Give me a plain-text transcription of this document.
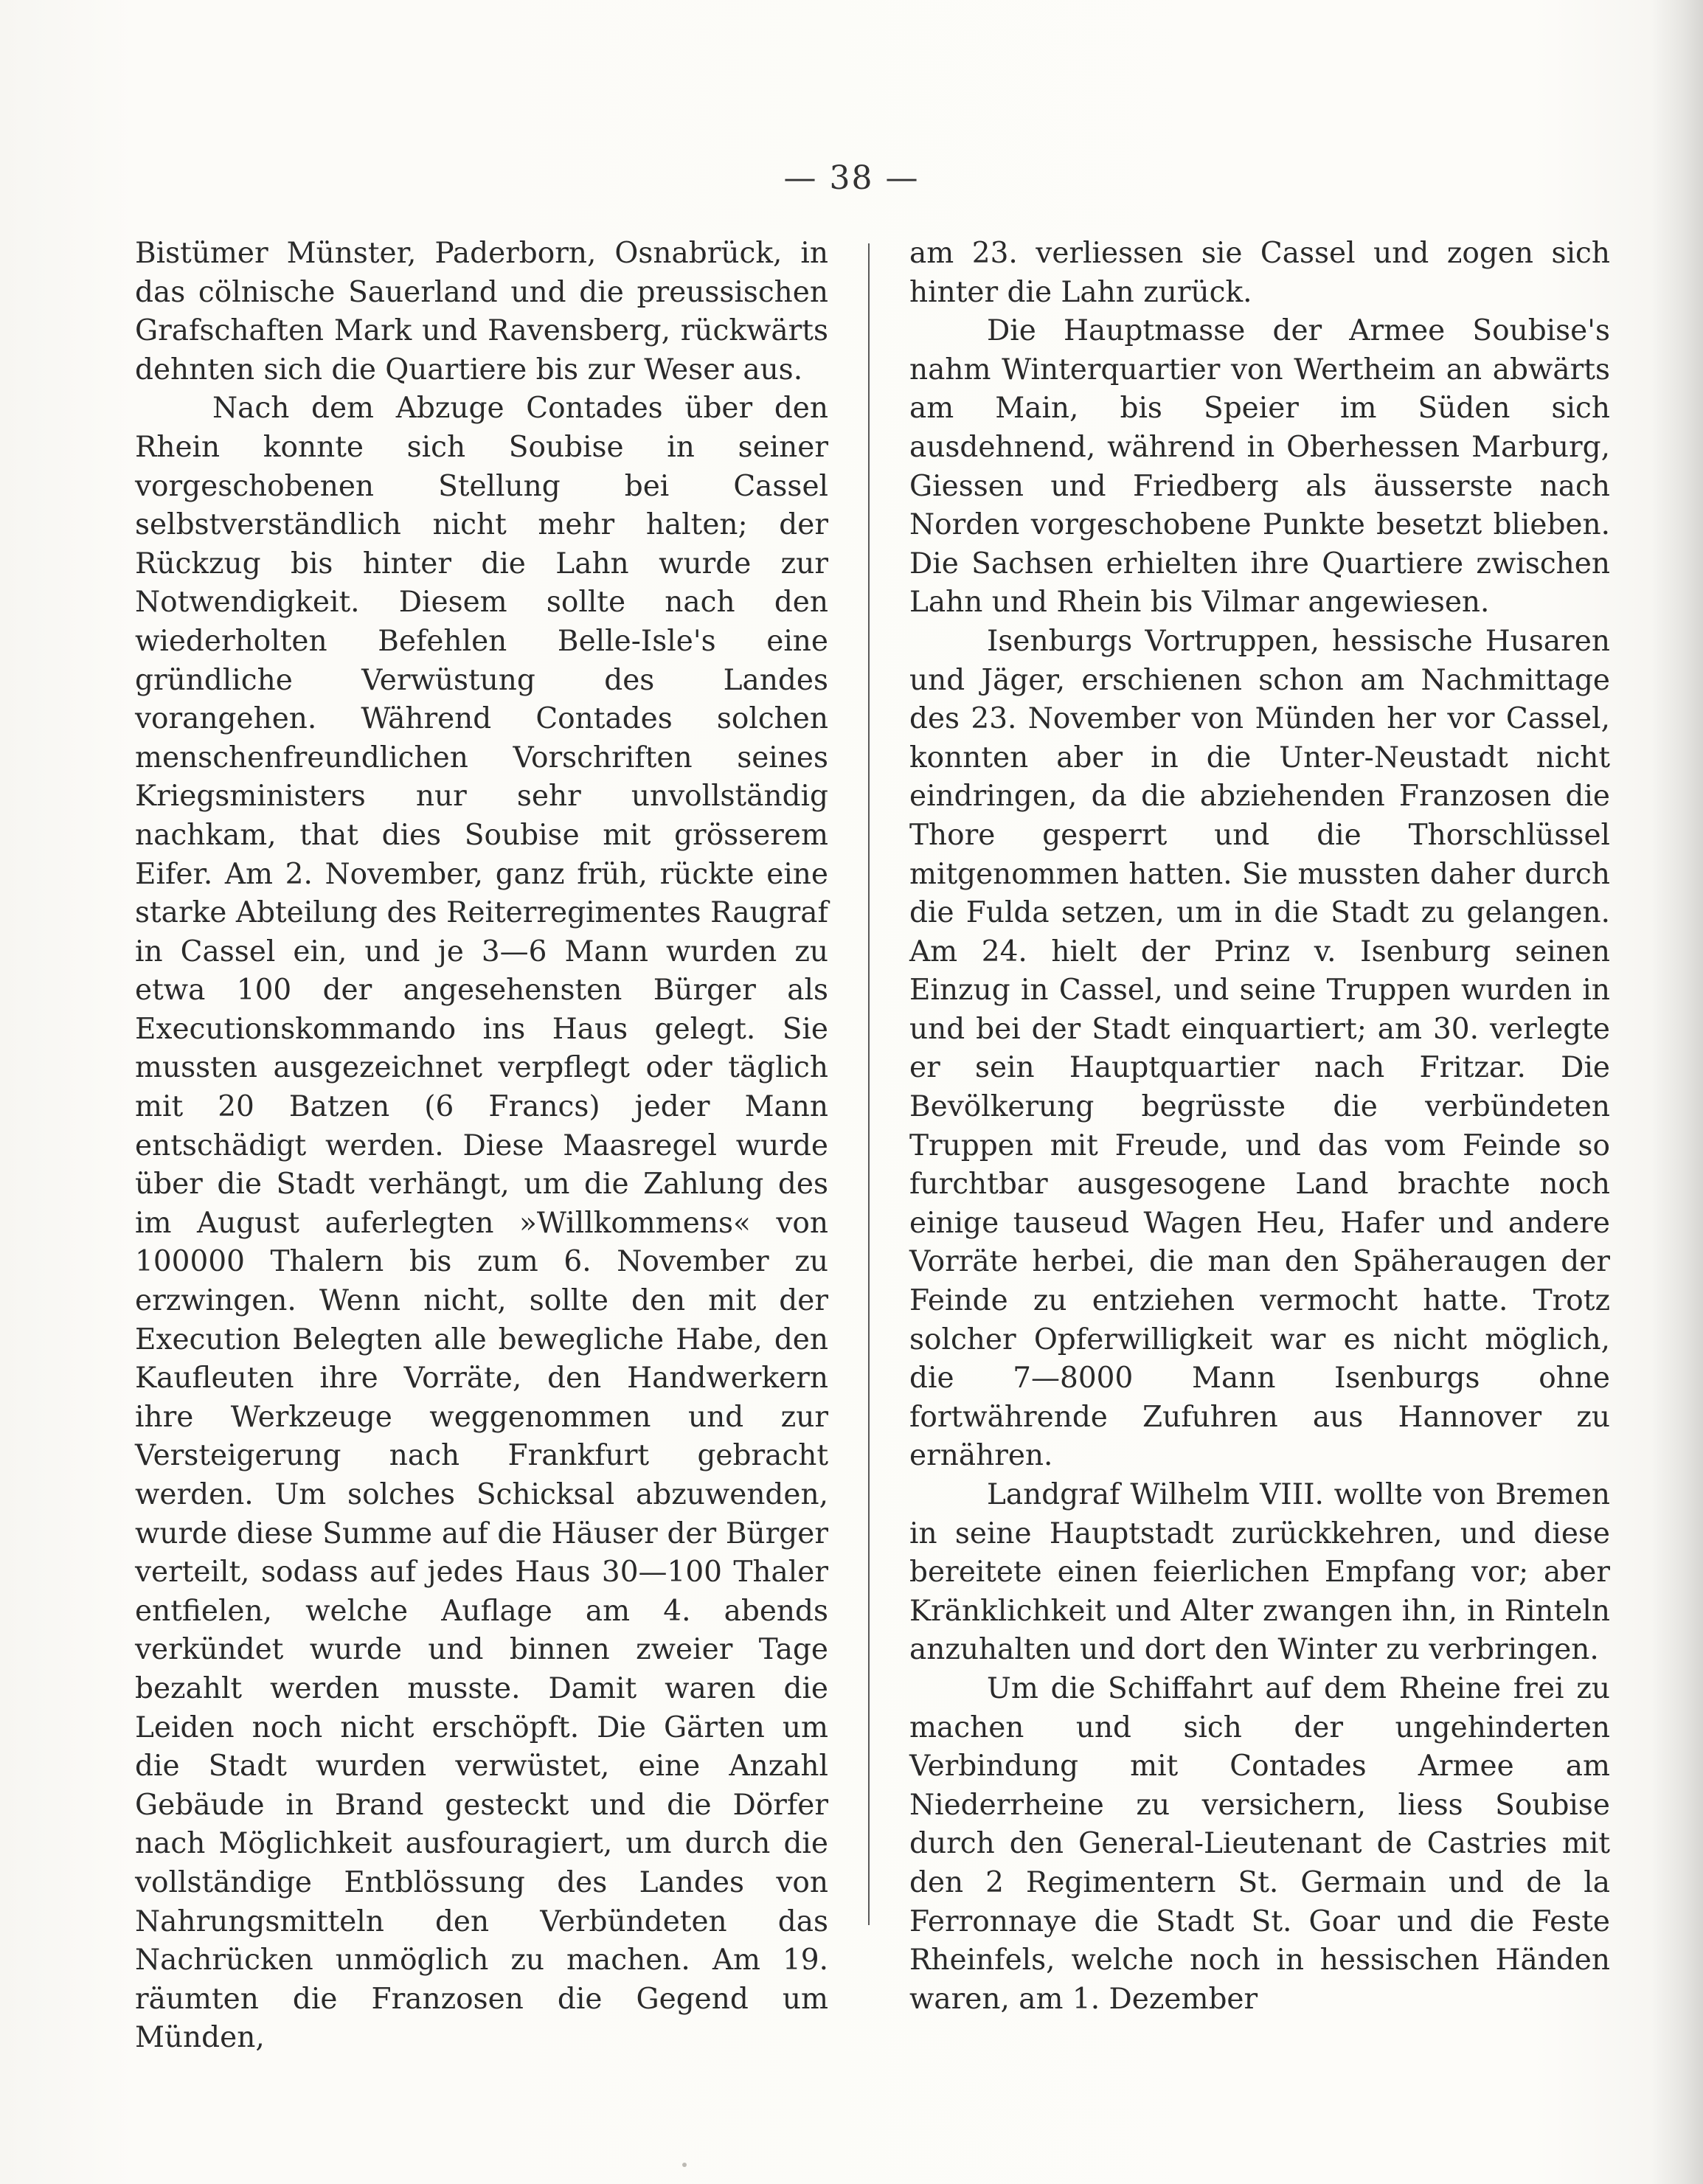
— 38 —

Bistümer Münster, Paderborn, Osnabrück, in das cölnische Sauerland und die preussischen Grafschaften Mark und Ravensberg, rückwärts dehnten sich die Quartiere bis zur Weser aus.

Nach dem Abzuge Contades über den Rhein konnte sich Soubise in seiner vorgeschobenen Stellung bei Cassel selbstverständlich nicht mehr halten; der Rückzug bis hinter die Lahn wurde zur Notwendigkeit. Diesem sollte nach den wiederholten Befehlen Belle-Isle's eine gründliche Verwüstung des Landes vorangehen. Während Contades solchen menschenfreundlichen Vorschriften seines Kriegsministers nur sehr unvollständig nachkam, that dies Soubise mit grösserem Eifer. Am 2. November, ganz früh, rückte eine starke Abteilung des Reiterregimentes Raugraf in Cassel ein, und je 3—6 Mann wurden zu etwa 100 der angesehensten Bürger als Executionskommando ins Haus gelegt. Sie mussten ausgezeichnet verpflegt oder täglich mit 20 Batzen (6 Francs) jeder Mann entschädigt werden. Diese Maasregel wurde über die Stadt verhängt, um die Zahlung des im August auferlegten »Willkommens« von 100000 Thalern bis zum 6. November zu erzwingen. Wenn nicht, sollte den mit der Execution Belegten alle bewegliche Habe, den Kaufleuten ihre Vorräte, den Handwerkern ihre Werkzeuge weggenommen und zur Versteigerung nach Frankfurt gebracht werden. Um solches Schicksal abzuwenden, wurde diese Summe auf die Häuser der Bürger verteilt, sodass auf jedes Haus 30—100 Thaler entfielen, welche Auflage am 4. abends verkündet wurde und binnen zweier Tage bezahlt werden musste. Damit waren die Leiden noch nicht erschöpft. Die Gärten um die Stadt wurden verwüstet, eine Anzahl Gebäude in Brand gesteckt und die Dörfer nach Möglichkeit ausfouragiert, um durch die vollständige Entblössung des Landes von Nahrungsmitteln den Verbündeten das Nachrücken unmöglich zu machen. Am 19. räumten die Franzosen die Gegend um Münden,

am 23. verliessen sie Cassel und zogen sich hinter die Lahn zurück.

Die Hauptmasse der Armee Soubise's nahm Winterquartier von Wertheim an abwärts am Main, bis Speier im Süden sich ausdehnend, während in Oberhessen Marburg, Giessen und Friedberg als äusserste nach Norden vorgeschobene Punkte besetzt blieben. Die Sachsen erhielten ihre Quartiere zwischen Lahn und Rhein bis Vilmar angewiesen.

Isenburgs Vortruppen, hessische Husaren und Jäger, erschienen schon am Nachmittage des 23. November von Münden her vor Cassel, konnten aber in die Unter-Neustadt nicht eindringen, da die abziehenden Franzosen die Thore gesperrt und die Thorschlüssel mitgenommen hatten. Sie mussten daher durch die Fulda setzen, um in die Stadt zu gelangen. Am 24. hielt der Prinz v. Isenburg seinen Einzug in Cassel, und seine Truppen wurden in und bei der Stadt einquartiert; am 30. verlegte er sein Hauptquartier nach Fritzar. Die Bevölkerung begrüsste die verbündeten Truppen mit Freude, und das vom Feinde so furchtbar ausgesogene Land brachte noch einige tauseud Wagen Heu, Hafer und andere Vorräte herbei, die man den Späheraugen der Feinde zu entziehen vermocht hatte. Trotz solcher Opferwilligkeit war es nicht möglich, die 7—8000 Mann Isenburgs ohne fortwährende Zufuhren aus Hannover zu ernähren.

Landgraf Wilhelm VIII. wollte von Bremen in seine Hauptstadt zurückkehren, und diese bereitete einen feierlichen Empfang vor; aber Kränklichkeit und Alter zwangen ihn, in Rinteln anzuhalten und dort den Winter zu verbringen.

Um die Schiffahrt auf dem Rheine frei zu machen und sich der ungehinderten Verbindung mit Contades Armee am Niederrheine zu versichern, liess Soubise durch den General-Lieutenant de Castries mit den 2 Regimentern St. Germain und de la Ferronnaye die Stadt St. Goar und die Feste Rheinfels, welche noch in hessischen Händen waren, am 1. Dezember
